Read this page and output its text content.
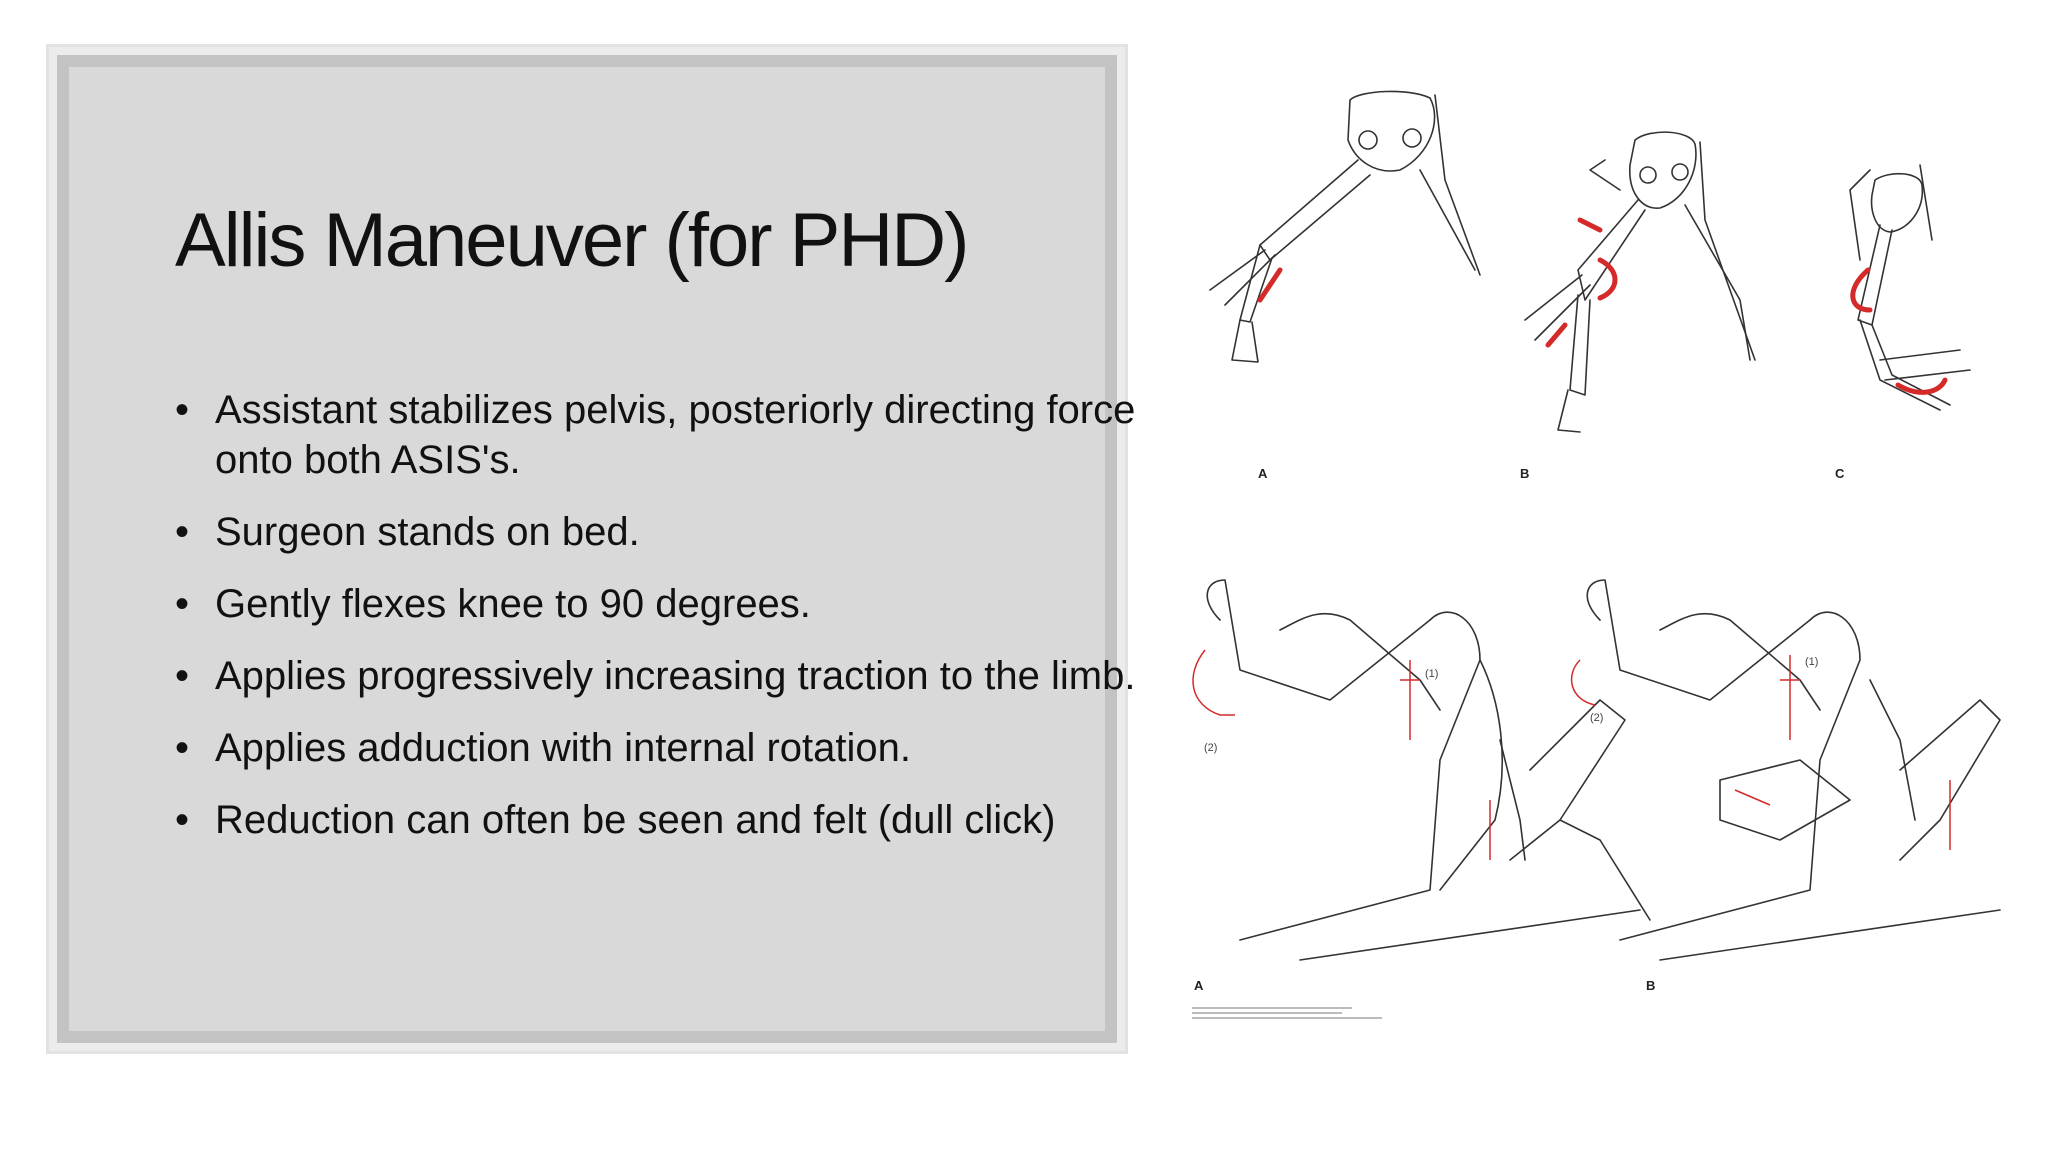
Allis Maneuver (for PHD)
• Assistant stabilizes pelvis, posteriorly directing force onto both ASIS's.
• Surgeon stands on bed.
• Gently flexes knee to 90 degrees.
• Applies progressively increasing traction to the limb.
• Applies adduction with internal rotation.
• Reduction can often be seen and felt (dull click)
A	B	C
A	B
(1)
(2)
(1)
(2)
